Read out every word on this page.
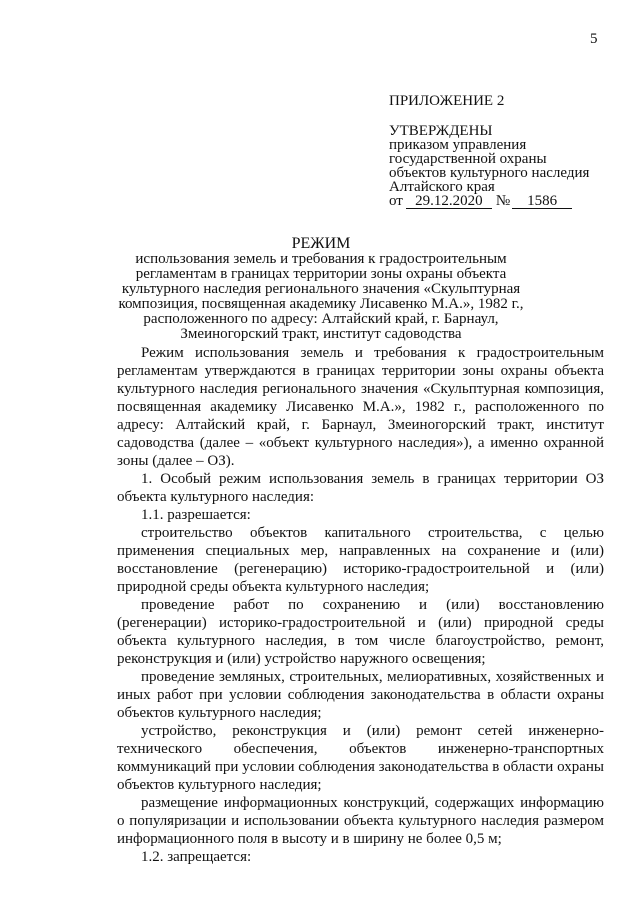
5
ПРИЛОЖЕНИЕ 2
УТВЕРЖДЕНЫ
приказом управления
государственной охраны
объектов культурного наследия
Алтайского края
от 29.12.2020 №	1586
РЕЖИМ
использования земель и требования к градостроительным
регламентам в границах территории зоны охраны объекта
культурного наследия регионального значения «Скульптурная
композиция, посвященная академику Лисавенко М.А.», 1982 г.,
расположенного по адресу: Алтайский край, г. Барнаул,
Змеиногорский тракт, институт садоводства
Режим использования земель и требования к градостроительным регламентам утверждаются в границах территории зоны охраны объекта культурного наследия регионального значения «Скульптурная композиция, посвященная академику Лисавенко М.А.», 1982 г., расположенного по адресу: Алтайский край, г. Барнаул, Змеиногорский тракт, институт садоводства (далее – «объект культурного наследия»), а именно охранной зоны (далее – ОЗ).
1. Особый режим использования земель в границах территории ОЗ объекта культурного наследия:
1.1. разрешается:
строительство объектов капитального строительства, с целью применения специальных мер, направленных на сохранение и (или) восстановление (регенерацию) историко-градостроительной и (или) природной среды объекта культурного наследия;
проведение работ по сохранению и (или) восстановлению (регенерации) историко-градостроительной и (или) природной среды объекта культурного наследия, в том числе благоустройство, ремонт, реконструкция и (или) устройство наружного освещения;
проведение земляных, строительных, мелиоративных, хозяйственных и иных работ при условии соблюдения законодательства в области охраны объектов культурного наследия;
устройство, реконструкция и (или) ремонт сетей инженерно-технического обеспечения, объектов инженерно-транспортных коммуникаций при условии соблюдения законодательства в области охраны объектов культурного наследия;
размещение информационных конструкций, содержащих информацию о популяризации и использовании объекта культурного наследия размером информационного поля в высоту и в ширину не более 0,5 м;
1.2. запрещается:
